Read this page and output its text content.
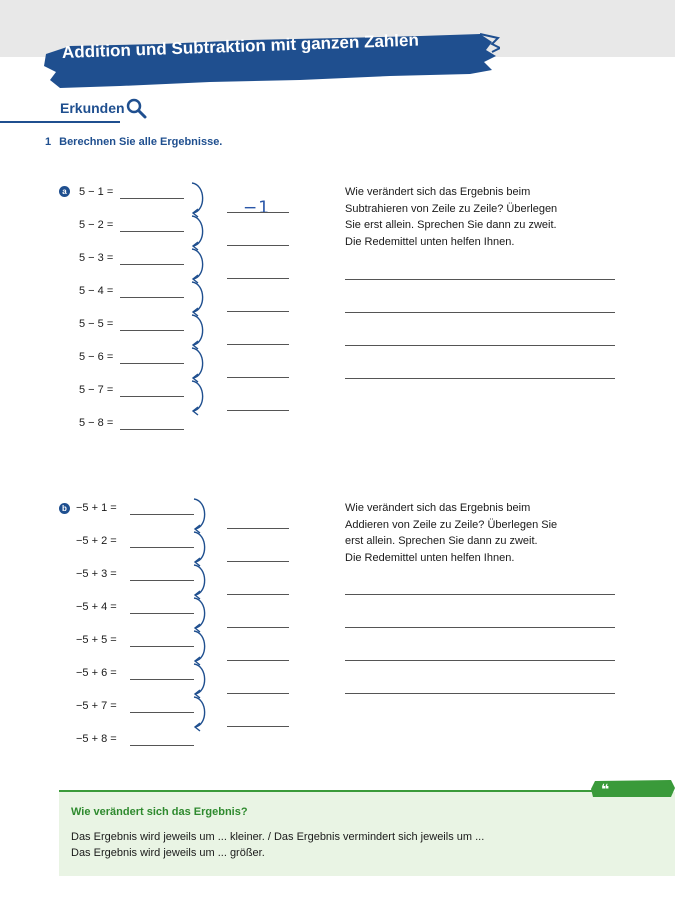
Addition und Subtraktion mit ganzen Zahlen
Erkunden
1 Berechnen Sie alle Ergebnisse.
a 5 − 1 =
5 − 2 =
5 − 3 =
5 − 4 =
5 − 5 =
5 − 6 =
5 − 7 =
5 − 8 =
−1
Wie verändert sich das Ergebnis beim
Subtrahieren von Zeile zu Zeile? Überlegen
Sie erst allein. Sprechen Sie dann zu zweit.
Die Redemittel unten helfen Ihnen.
b −5 + 1 =
−5 + 2 =
−5 + 3 =
−5 + 4 =
−5 + 5 =
−5 + 6 =
−5 + 7 =
−5 + 8 =
Wie verändert sich das Ergebnis beim
Addieren von Zeile zu Zeile? Überlegen Sie
erst allein. Sprechen Sie dann zu zweit.
Die Redemittel unten helfen Ihnen.
❝
Wie verändert sich das Ergebnis?
Das Ergebnis wird jeweils um ... kleiner. / Das Ergebnis vermindert sich jeweils um ...
Das Ergebnis wird jeweils um ... größer.
